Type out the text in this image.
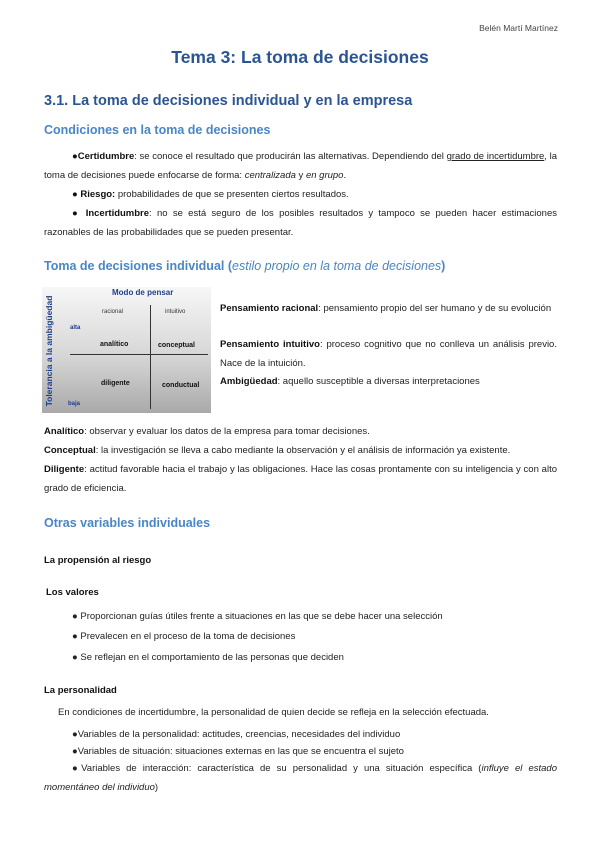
Belén Martí Martínez
Tema 3: La toma de decisiones
3.1. La toma de decisiones individual y en la empresa
Condiciones en la toma de decisiones
●Certidumbre: se conoce el resultado que producirán las alternativas. Dependiendo del grado de incertidumbre, la toma de decisiones puede enfocarse de forma: centralizada y en grupo.
● Riesgo: probabilidades de que se presenten ciertos resultados.
● Incertidumbre: no se está seguro de los posibles resultados y tampoco se pueden hacer estimaciones razonables de las probabilidades que se pueden presentar.
Toma de decisiones individual (estilo propio en la toma de decisiones)
Tolerancia a la ambigüedad
Modo de pensar
racional	intuitivo
alta
baja
analítico	conceptual
diligente	conductual
Pensamiento racional: pensamiento propio del ser humano y de su evolución
Pensamiento intuitivo: proceso cognitivo que no conlleva un análisis previo. Nace de la intuición.
Ambigüedad: aquello susceptible a diversas interpretaciones
Analítico: observar y evaluar los datos de la empresa para tomar decisiones.
Conceptual: la investigación se lleva a cabo mediante la observación y el análisis de información ya existente.
Diligente: actitud favorable hacia el trabajo y las obligaciones. Hace las cosas prontamente con su inteligencia y con alto grado de eficiencia.
Otras variables individuales
La propensión al riesgo
Los valores
● Proporcionan guías útiles frente a situaciones en las que se debe hacer una selección
● Prevalecen en el proceso de la toma de decisiones
● Se reflejan en el comportamiento de las personas que deciden
La personalidad
En condiciones de incertidumbre, la personalidad de quien decide se refleja en la selección efectuada.
●Variables de la personalidad: actitudes, creencias, necesidades del individuo
●Variables de situación: situaciones externas en las que se encuentra el sujeto
●Variables de interacción: característica de su personalidad y una situación específica (influye el estado momentáneo del individuo)
